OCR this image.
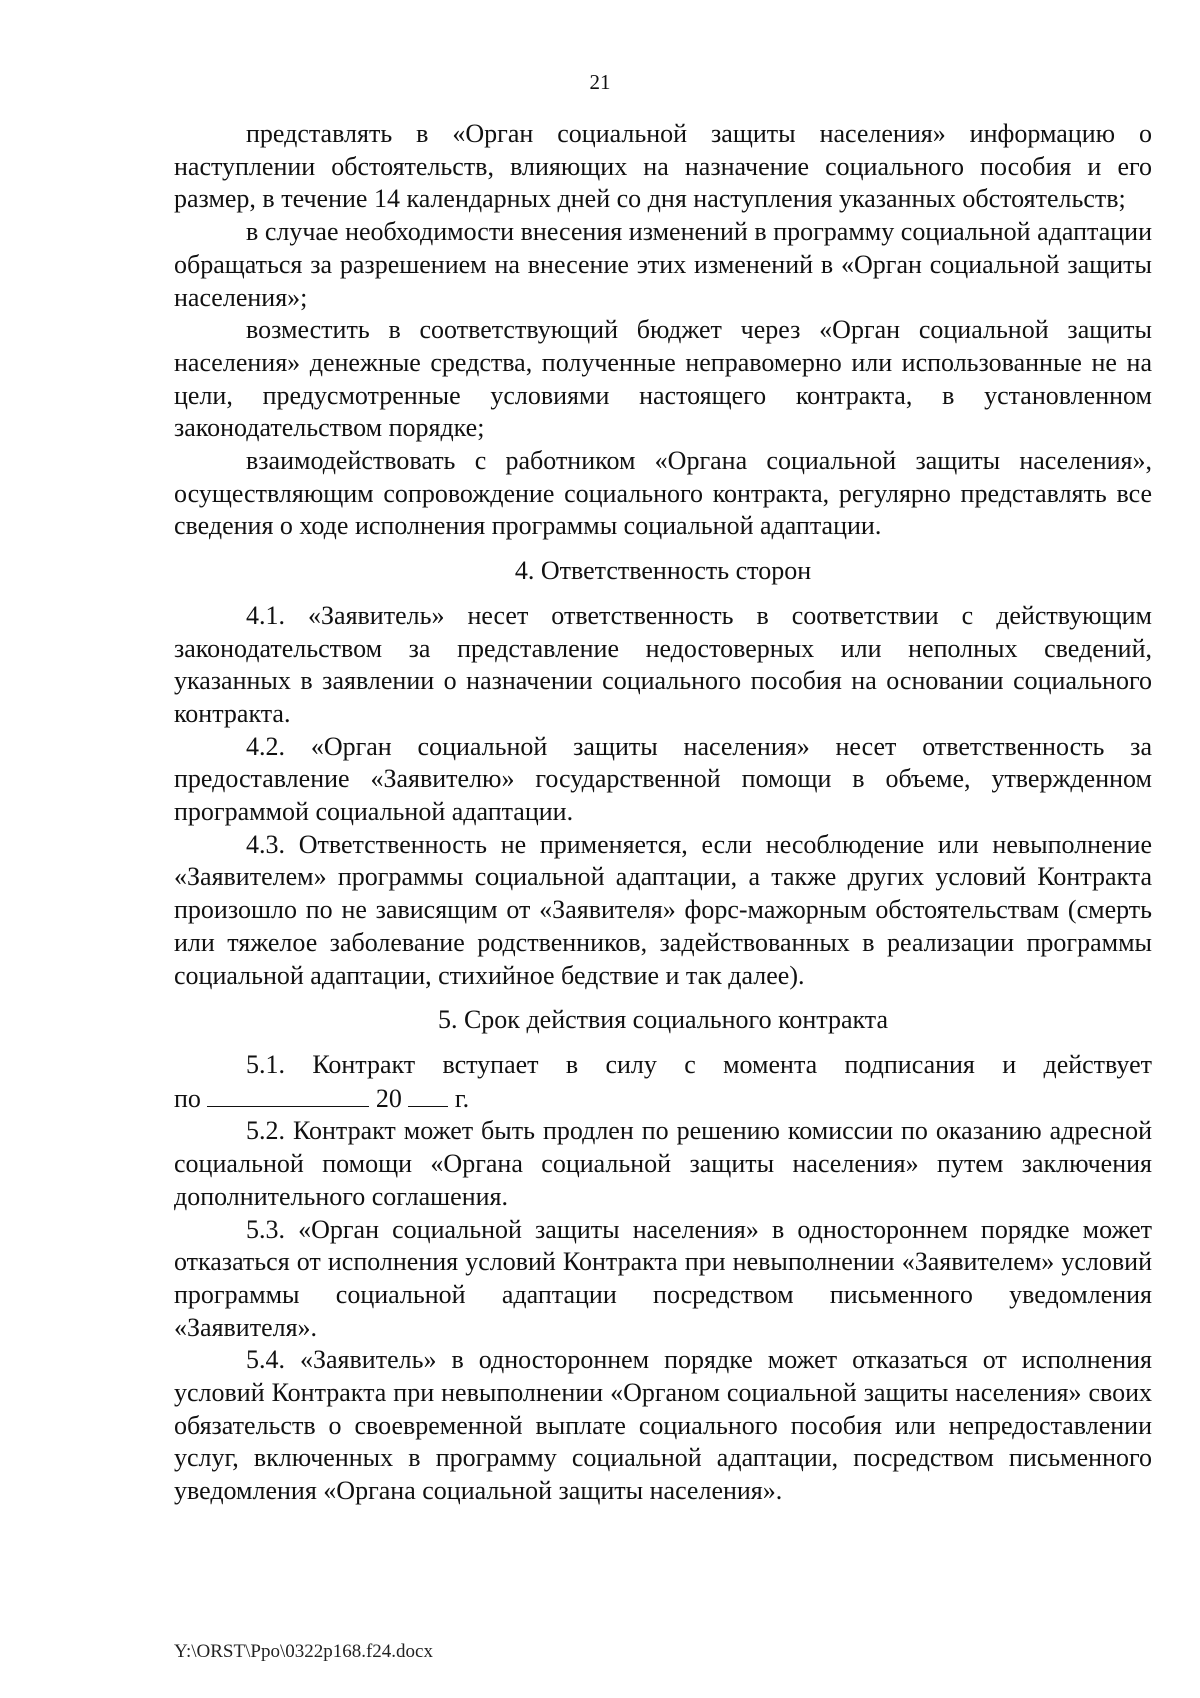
21

представлять в «Орган социальной защиты населения» информацию о наступлении обстоятельств, влияющих на назначение социального пособия и его размер, в течение 14 календарных дней со дня наступления указанных обстоятельств;

в случае необходимости внесения изменений в программу социальной адаптации обращаться за разрешением на внесение этих изменений в «Орган социальной защиты населения»;

возместить в соответствующий бюджет через «Орган социальной защиты населения» денежные средства, полученные неправомерно или использованные не на цели, предусмотренные условиями настоящего контракта, в установленном законодательством порядке;

взаимодействовать с работником «Органа социальной защиты населения», осуществляющим сопровождение социального контракта, регулярно представлять все сведения о ходе исполнения программы социальной адаптации.

4. Ответственность сторон

4.1. «Заявитель» несет ответственность в соответствии с действующим законодательством за представление недостоверных или неполных сведений, указанных в заявлении о назначении социального пособия на основании социального контракта.

4.2. «Орган социальной защиты населения» несет ответственность за предоставление «Заявителю» государственной помощи в объеме, утвержденном программой социальной адаптации.

4.3. Ответственность не применяется, если несоблюдение или невыполнение «Заявителем» программы социальной адаптации, а также других условий Контракта произошло по не зависящим от «Заявителя» форс-мажорным обстоятельствам (смерть или тяжелое заболевание родственников, задействованных в реализации программы социальной адаптации, стихийное бедствие и так далее).

5. Срок действия социального контракта

5.1. Контракт вступает в силу с момента подписания и действует

по	20 г.

5.2. Контракт может быть продлен по решению комиссии по оказанию адресной социальной помощи «Органа социальной защиты населения» путем заключения дополнительного соглашения.

5.3. «Орган социальной защиты населения» в одностороннем порядке может отказаться от исполнения условий Контракта при невыполнении «Заявителем» условий программы социальной адаптации посредством письменного уведомления «Заявителя».

5.4. «Заявитель» в одностороннем порядке может отказаться от исполнения условий Контракта при невыполнении «Органом социальной защиты населения» своих обязательств о своевременной выплате социального пособия или непредоставлении услуг, включенных в программу социальной адаптации, посредством письменного уведомления «Органа социальной защиты населения».

Y:\ORST\Ppo\0322p168.f24.docx
